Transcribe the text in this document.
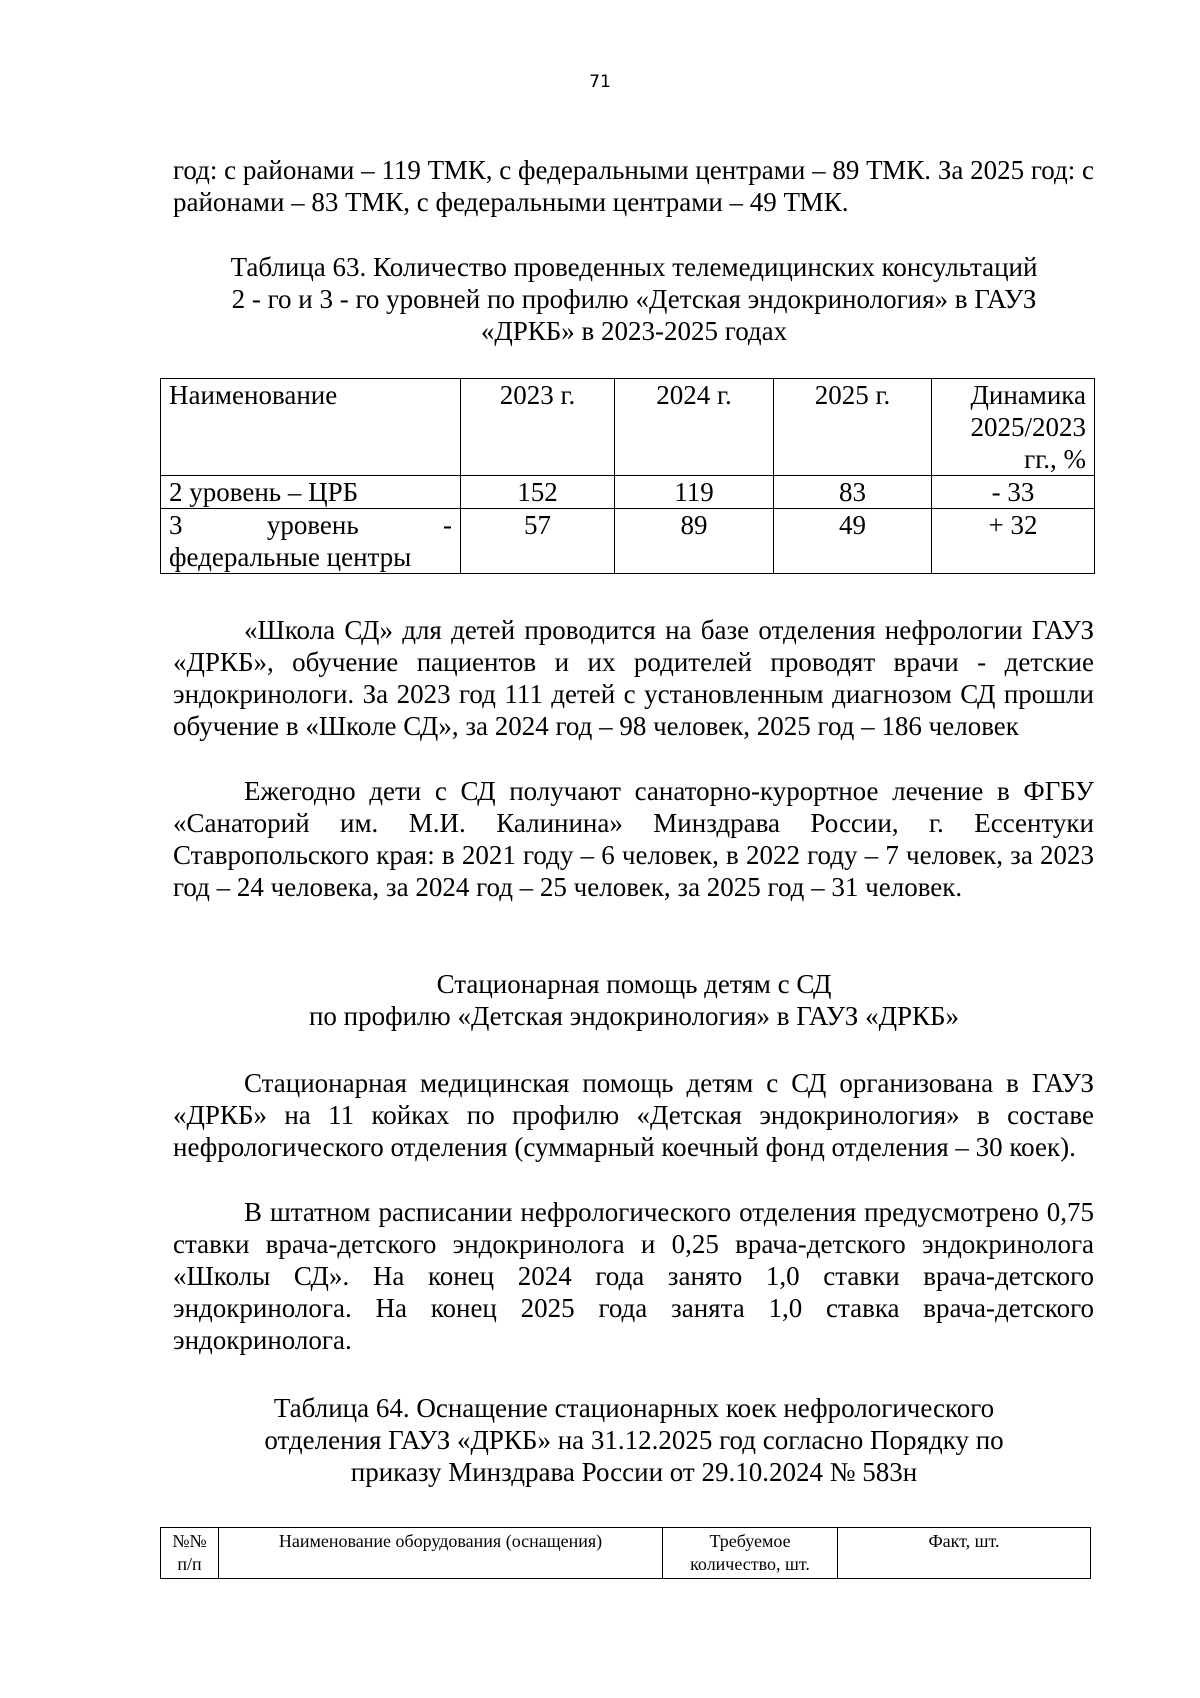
71

год: с районами – 119 ТМК, с федеральными центрами – 89 ТМК. За 2025 год: с районами – 83 ТМК, с федеральными центрами – 49 ТМК.

Таблица 63. Количество проведенных телемедицинских консультаций
2 - го и 3 - го уровней по профилю «Детская эндокринология» в ГАУЗ
«ДРКБ» в 2023-2025 годах
Наименование	2023 г.	2024 г.	2025 г.	Динамика
2025/2023
гг., %

2 уровень – ЦРБ	152	119	83	- 33

3 уровень -
федеральные центры	57	89	49	+ 32

«Школа СД» для детей проводится на базе отделения нефрологии ГАУЗ «ДРКБ», обучение пациентов и их родителей проводят врачи - детские эндокринологи. За 2023 год 111 детей с установленным диагнозом СД прошли обучение в «Школе СД», за 2024 год – 98 человек, 2025 год – 186 человек

Ежегодно дети с СД получают санаторно-курортное лечение в ФГБУ «Санаторий им. М.И. Калинина» Минздрава России, г. Ессентуки Ставропольского края: в 2021 году – 6 человек, в 2022 году – 7 человек, за 2023 год – 24 человека, за 2024 год – 25 человек, за 2025 год – 31 человек.

Стационарная помощь детям с СД
по профилю «Детская эндокринология» в ГАУЗ «ДРКБ»

Стационарная медицинская помощь детям с СД организована в ГАУЗ «ДРКБ» на 11 койках по профилю «Детская эндокринология» в составе нефрологического отделения (суммарный коечный фонд отделения – 30 коек).

В штатном расписании нефрологического отделения предусмотрено 0,75 ставки врача-детского эндокринолога и 0,25 врача-детского эндокринолога «Школы СД». На конец 2024 года занято 1,0 ставки врача-детского эндокринолога. На конец 2025 года занята 1,0 ставка врача-детского эндокринолога.

Таблица 64. Оснащение стационарных коек нефрологического
отделения ГАУЗ «ДРКБ» на 31.12.2025 год согласно Порядку по
приказу Минздрава России от 29.10.2024 № 583н
№№
п/п
	Наименование оборудования (оснащения)	Требуемое
количество, шт.
	Факт, шт.
